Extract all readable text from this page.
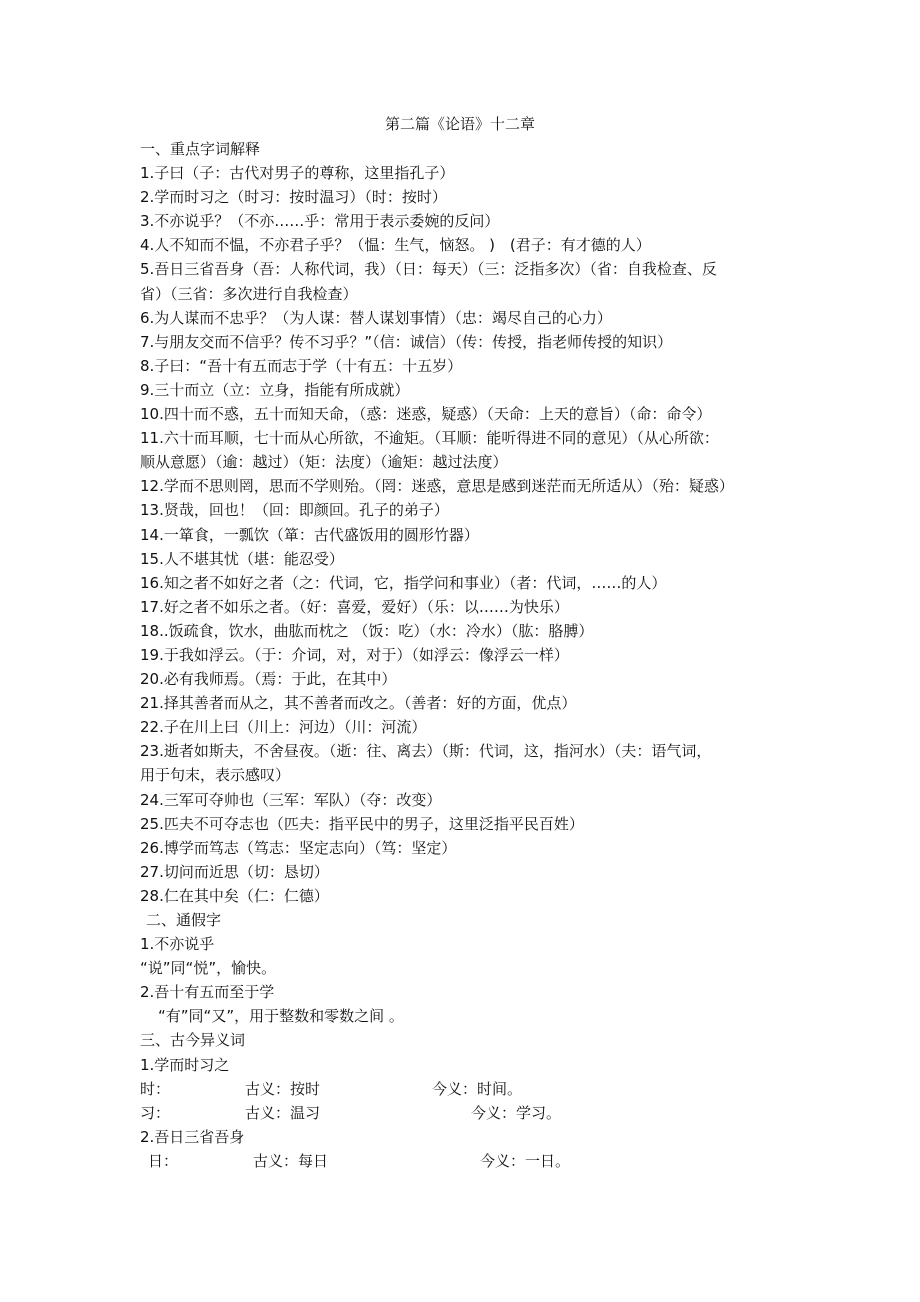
第二篇《论语》十二章
一、重点字词解释
1.子曰（子：古代对男子的尊称，这里指孔子）
2.学而时习之（时习：按时温习）（时：按时）
3.不亦说乎？（不亦……乎：常用于表示委婉的反问）
4.人不知而不愠，不亦君子乎？（愠：生气，恼怒。 )　(君子：有才德的人）
5.吾日三省吾身（吾：人称代词，我）（日：每天）（三：泛指多次）（省：自我检查、反
省）（三省：多次进行自我检查）
6.为人谋而不忠乎？（为人谋：替人谋划事情）（忠：竭尽自己的心力）
7.与朋友交而不信乎？传不习乎？”（信：诚信）（传：传授，指老师传授的知识）
8.子曰：“吾十有五而志于学（十有五：十五岁）
9.三十而立（立：立身，指能有所成就）
10.四十而不惑，五十而知天命，（惑：迷惑，疑惑）（天命：上天的意旨）（命：命令）
11.六十而耳顺，七十而从心所欲，不逾矩。（耳顺：能听得进不同的意见）（从心所欲：
顺从意愿）（逾：越过）（矩：法度）（逾矩：越过法度）
12.学而不思则罔，思而不学则殆。（罔：迷惑，意思是感到迷茫而无所适从）（殆：疑惑）
13.贤哉，回也！（回：即颜回。孔子的弟子）
14.一箪食，一瓢饮（箪：古代盛饭用的圆形竹器）
15.人不堪其忧（堪：能忍受）
16.知之者不如好之者（之：代词，它，指学问和事业）（者：代词，……的人）
17.好之者不如乐之者。（好：喜爱，爱好）（乐：以……为快乐）
18..饭疏食，饮水，曲肱而枕之 （饭：吃）（水：冷水）（肱：胳膊）
19.于我如浮云。（于：介词，对，对于）（如浮云：像浮云一样）
20.必有我师焉。（焉：于此，在其中）
21.择其善者而从之，其不善者而改之。（善者：好的方面，优点）
22.子在川上曰（川上：河边）（川：河流）
23.逝者如斯夫，不舍昼夜。（逝：往、离去）（斯：代词，这，指河水）（夫：语气词，
用于句末，表示感叹）
24.三军可夺帅也（三军：军队）（夺：改变）
25.匹夫不可夺志也（匹夫：指平民中的男子，这里泛指平民百姓）
26.博学而笃志（笃志：坚定志向）（笃：坚定）
27.切问而近思（切：恳切）
28.仁在其中矣（仁：仁德）
二、通假字
1.不亦说乎
“说”同“悦”，愉快。
2.吾十有五而至于学
“有”同“又”，用于整数和零数之间 。
三、古今异义词
1.学而时习之
时：	古义：按时	今义：时间。
习：	古义：温习	今义：学习。
2.吾日三省吾身
日：	古义：每日	今义：一日。
